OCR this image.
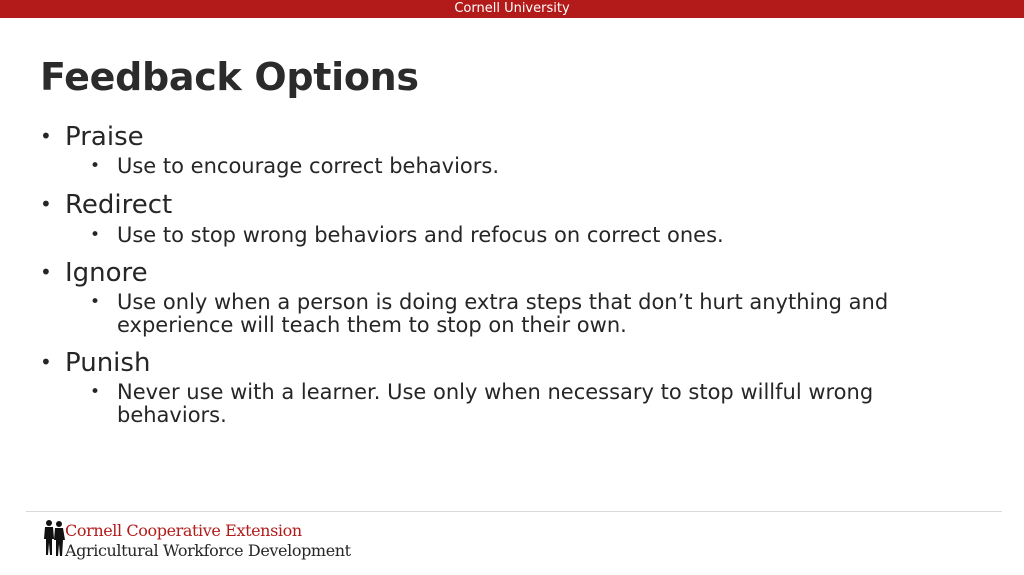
Cornell University
Feedback Options
• Praise
• Use to encourage correct behaviors.
• Redirect
• Use to stop wrong behaviors and refocus on correct ones.
• Ignore
• Use only when a person is doing extra steps that don’t hurt anything and experience will teach them to stop on their own.
• Punish
• Never use with a learner. Use only when necessary to stop willful wrong behaviors.
Cornell Cooperative Extension
Agricultural Workforce Development
